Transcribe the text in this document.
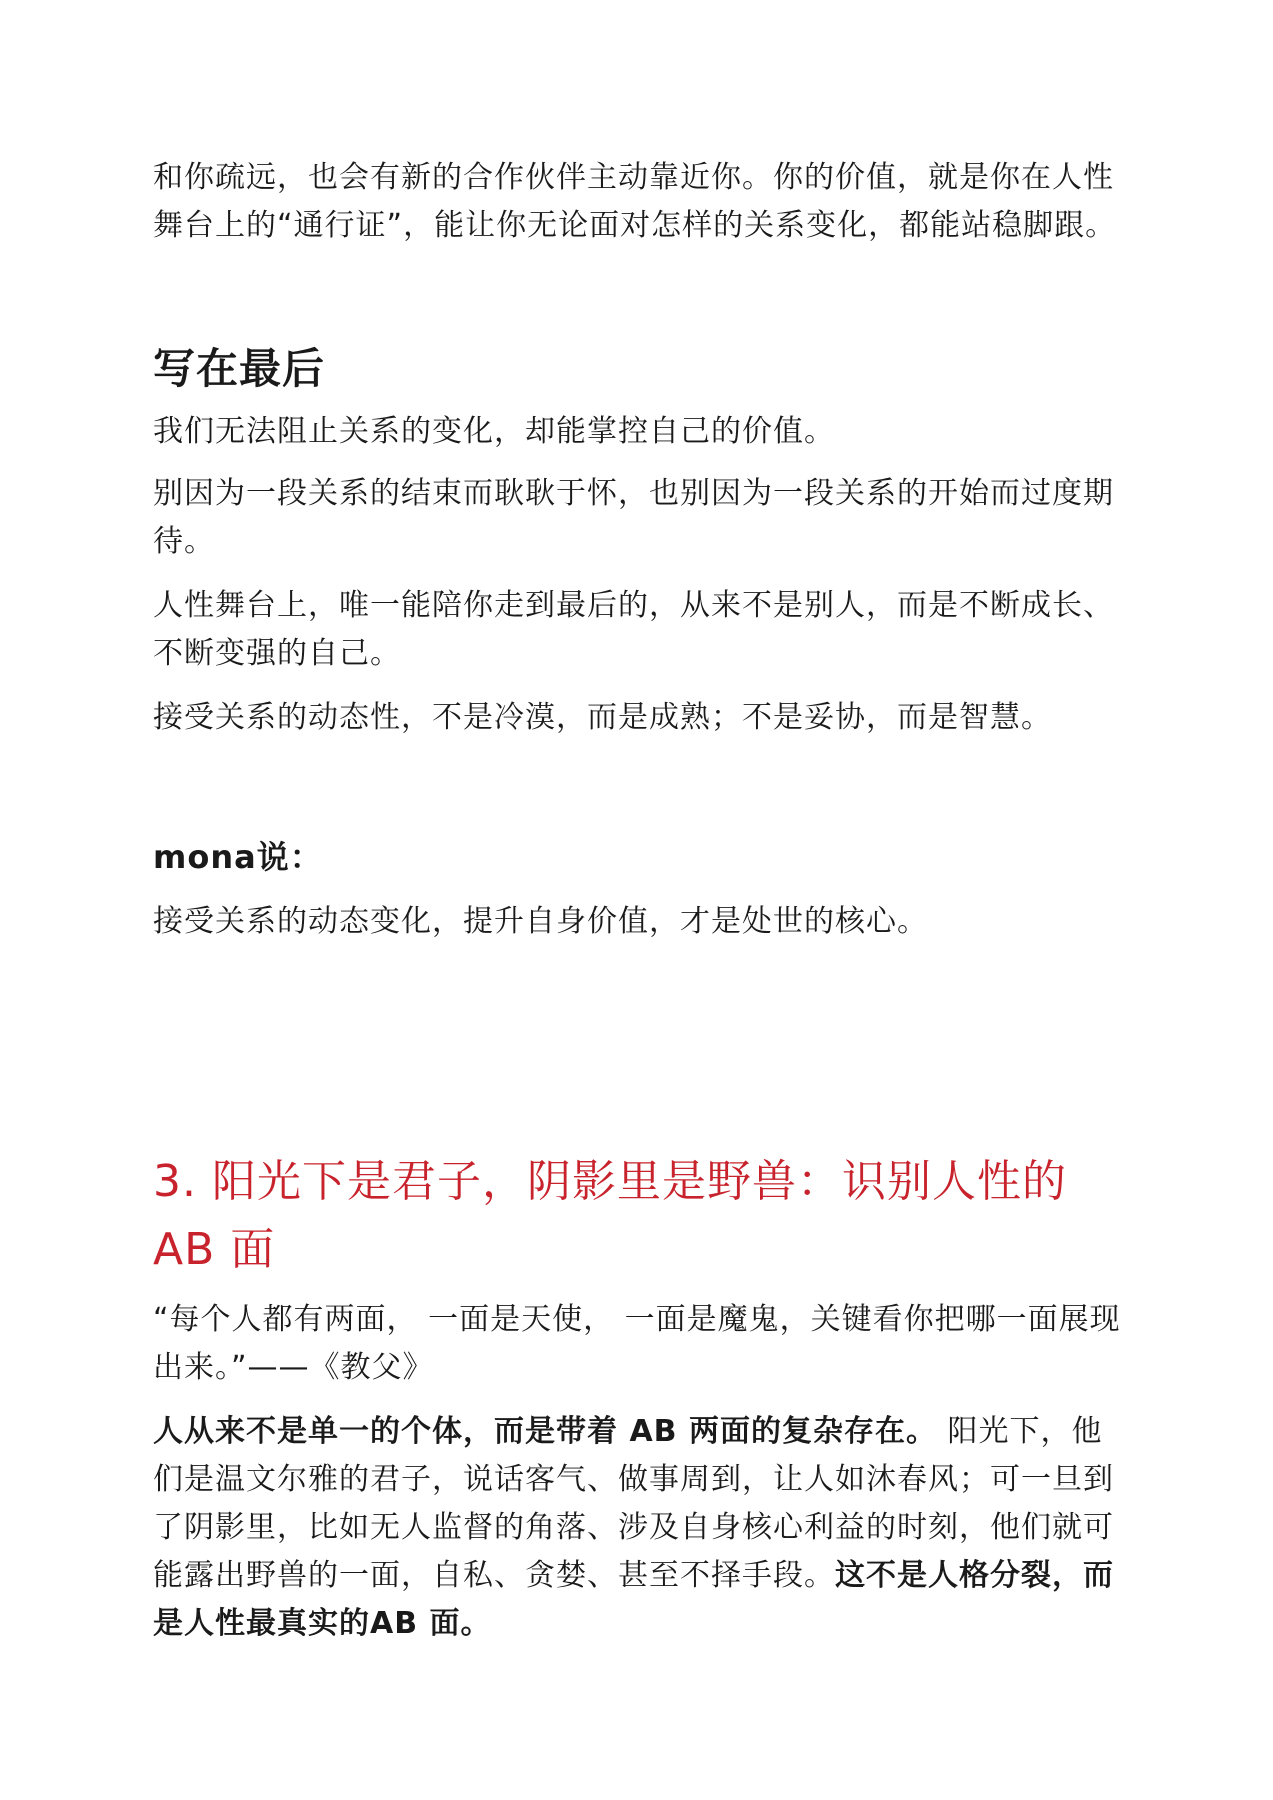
和你疏远，也会有新的合作伙伴主动靠近你。你的价值，就是你在人性舞台上的“通行证”，能让你无论面对怎样的关系变化，都能站稳脚跟。

写在最后

我们无法阻止关系的变化，却能掌控自己的价值。

别因为一段关系的结束而耿耿于怀，也别因为一段关系的开始而过度期待。

人性舞台上，唯一能陪你走到最后的，从来不是别人，而是不断成长、不断变强的自己。

接受关系的动态性，不是冷漠，而是成熟；不是妥协，而是智慧。

mona说：

接受关系的动态变化，提升自身价值，才是处世的核心。

3. 阳光下是君子，阴影里是野兽：识别人性的AB 面

“每个人都有两面， 一面是天使， 一面是魔鬼，关键看你把哪一面展现出来。”——《教父》

人从来不是单一的个体，而是带着 AB 两面的复杂存在。 阳光下，他们是温文尔雅的君子，说话客气、做事周到，让人如沐春风；可一旦到了阴影里，比如无人监督的角落、涉及自身核心利益的时刻，他们就可能露出野兽的一面，自私、贪婪、甚至不择手段。这不是人格分裂，而是人性最真实的AB 面。
